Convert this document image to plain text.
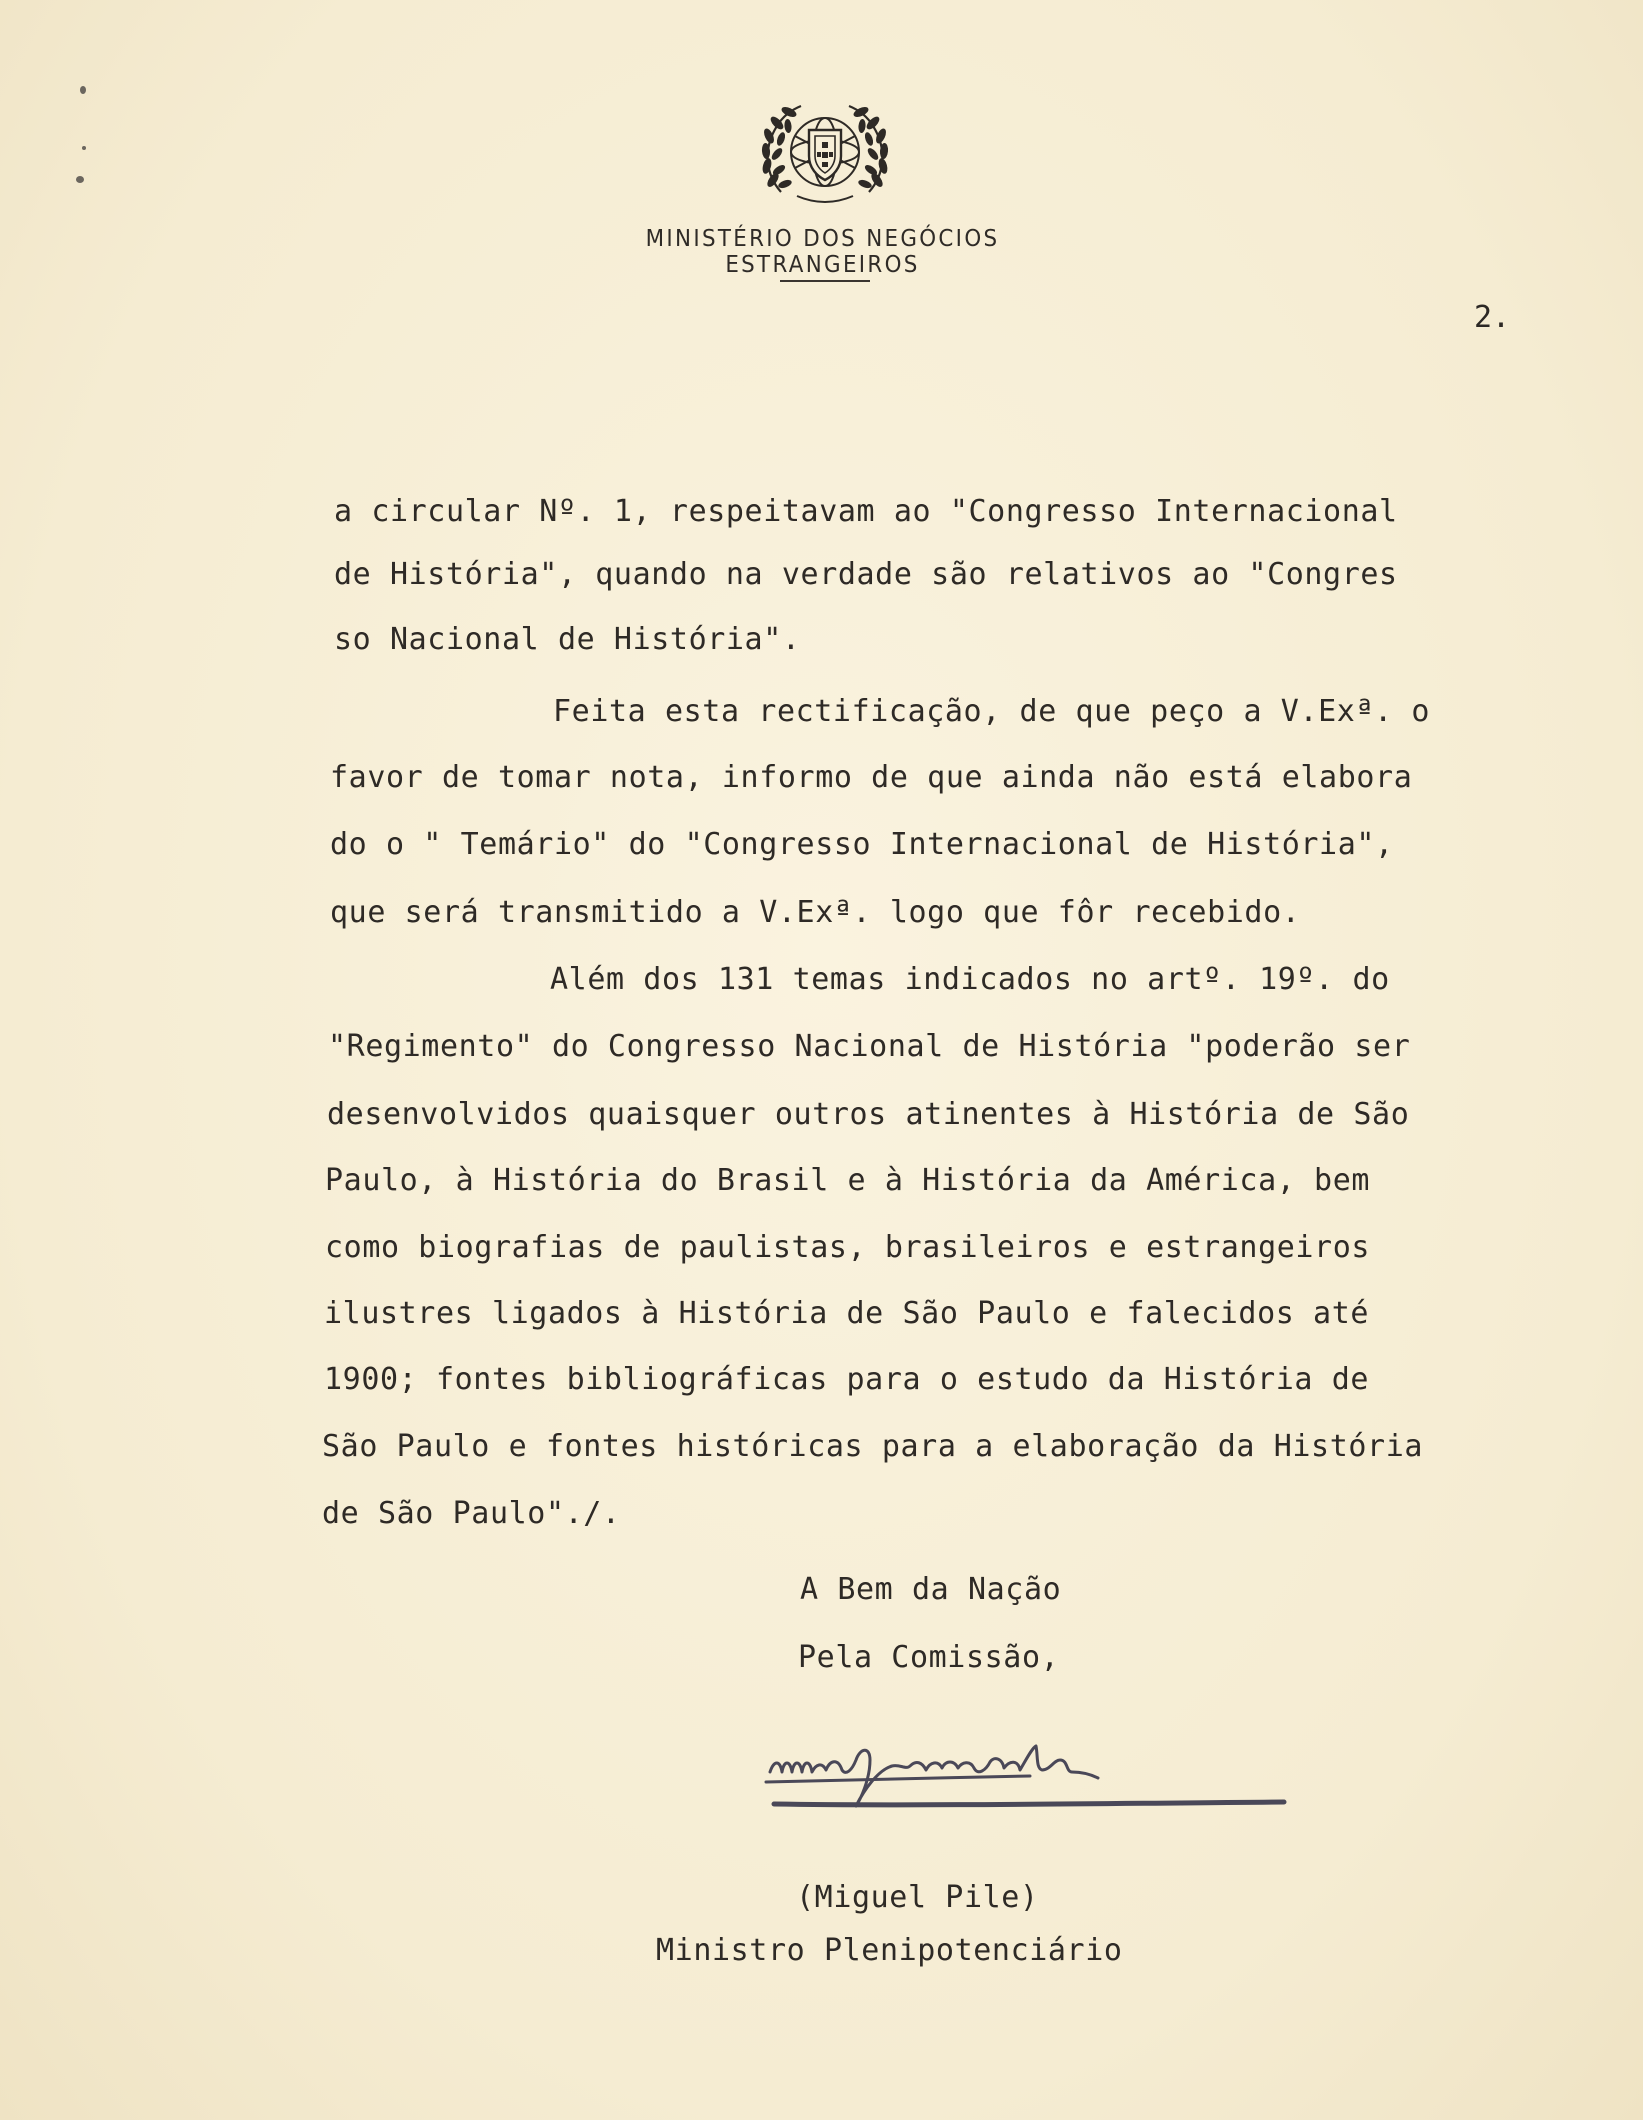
MINISTÉRIO DOS NEGÓCIOS ESTRANGEIROS
2.
a circular Nº. 1, respeitavam ao "Congresso Internacional
de História", quando na verdade são relativos ao "Congres
so Nacional de História".
Feita esta rectificação, de que peço a V.Exª. o
favor de tomar nota, informo de que ainda não está elabora
do o " Temário" do "Congresso Internacional de História",
que será transmitido a V.Exª. logo que fôr recebido.
Além dos 131 temas indicados no artº. 19º. do
"Regimento" do Congresso Nacional de História "poderão ser
desenvolvidos quaisquer outros atinentes à História de São
Paulo, à História do Brasil e à História da América, bem
como biografias de paulistas, brasileiros e estrangeiros
ilustres ligados à História de São Paulo e falecidos até
1900; fontes bibliográficas para o estudo da História de
São Paulo e fontes históricas para a elaboração da História
de São Paulo"./.
A Bem da Nação
Pela Comissão,
(Miguel Pile)
Ministro Plenipotenciário
